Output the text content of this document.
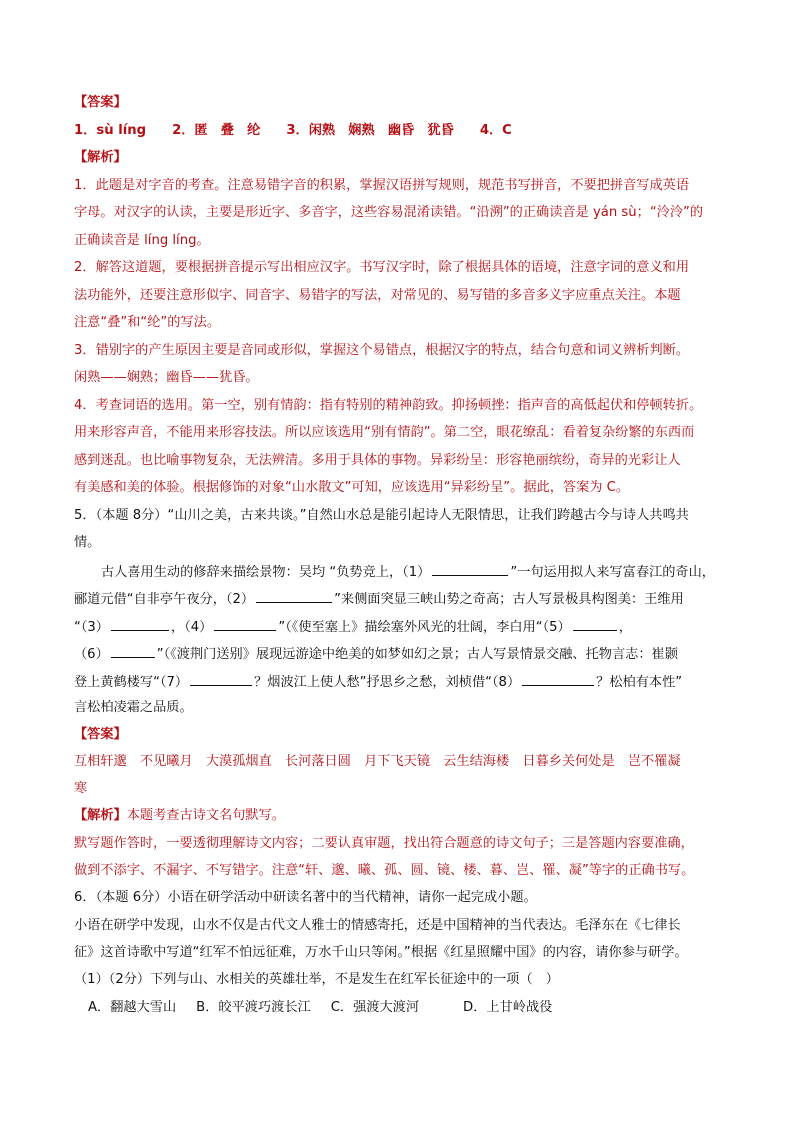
【答案】
1．sù líng 2．匿　叠　纶 3．闲熟　娴熟　幽昏　犹昏 4．C
【解析】
1．此题是对字音的考查。注意易错字音的积累，掌握汉语拼写规则，规范书写拼音，不要把拼音写成英语
字母。对汉字的认读，主要是形近字、多音字，这些容易混淆读错。“沿溯”的正确读音是 yán sù；“泠泠”的
正确读音是 líng líng。
2．解答这道题，要根据拼音提示写出相应汉字。书写汉字时，除了根据具体的语境，注意字词的意义和用
法功能外，还要注意形似字、同音字、易错字的写法，对常见的、易写错的多音多义字应重点关注。本题
注意“叠”和“纶”的写法。
3．错别字的产生原因主要是音同或形似，掌握这个易错点，根据汉字的特点，结合句意和词义辨析判断。
闲熟——娴熟；幽昏——犹昏。
4．考查词语的选用。第一空，别有情韵：指有特别的精神韵致。抑扬顿挫：指声音的高低起伏和停顿转折。
用来形容声音，不能用来形容技法。所以应该选用“别有情韵”。第二空，眼花缭乱：看着复杂纷繁的东西而
感到迷乱。也比喻事物复杂，无法辨清。多用于具体的事物。异彩纷呈：形容艳丽缤纷，奇异的光彩让人
有美感和美的体验。根据修饰的对象“山水散文”可知，应该选用“异彩纷呈”。据此，答案为 C。
5．（本题 8分）“山川之美，古来共谈。”自然山水总是能引起诗人无限情思，让我们跨越古今与诗人共鸣共
情。
古人喜用生动的修辞来描绘景物：吴均 “负势竞上，（1）	”一句运用拟人来写富春江的奇山，
郦道元借“自非亭午夜分，（2）	”来侧面突显三峡山势之奇高；古人写景极具构图美：王维用
“（3）	，（4）	”（《使至塞上》描绘塞外风光的壮阔，李白用“（5）	，
（6）	”（《渡荆门送别》展现远游途中绝美的如梦如幻之景；古人写景情景交融、托物言志：崔颢
登上黄鹤楼写“（7）	？烟波江上使人愁”抒思乡之愁，刘桢借“（8）	？松柏有本性”
言松柏凌霜之品质。
【答案】
互相轩邈　不见曦月　大漠孤烟直　长河落日圆　月下飞天镜　云生结海楼　日暮乡关何处是　岂不罹凝
寒
【解析】本题考查古诗文名句默写。
默写题作答时，一要透彻理解诗文内容；二要认真审题，找出符合题意的诗文句子；三是答题内容要准确，
做到不添字、不漏字、不写错字。注意“轩、邈、曦、孤、圆、镜、楼、暮、岂、罹、凝”等字的正确书写。
6．（本题 6分）小语在研学活动中研读名著中的当代精神，请你一起完成小题。
小语在研学中发现，山水不仅是古代文人雅士的情感寄托，还是中国精神的当代表达。毛泽东在《七律长
征》这首诗歌中写道“红军不怕远征难，万水千山只等闲。”根据《红星照耀中国》的内容，请你参与研学。
（1）（2分）下列与山、水相关的英雄壮举，不是发生在红军长征途中的一项（　）
A．翻越大雪山 B．皎平渡巧渡长江 C．强渡大渡河	D．上甘岭战役
